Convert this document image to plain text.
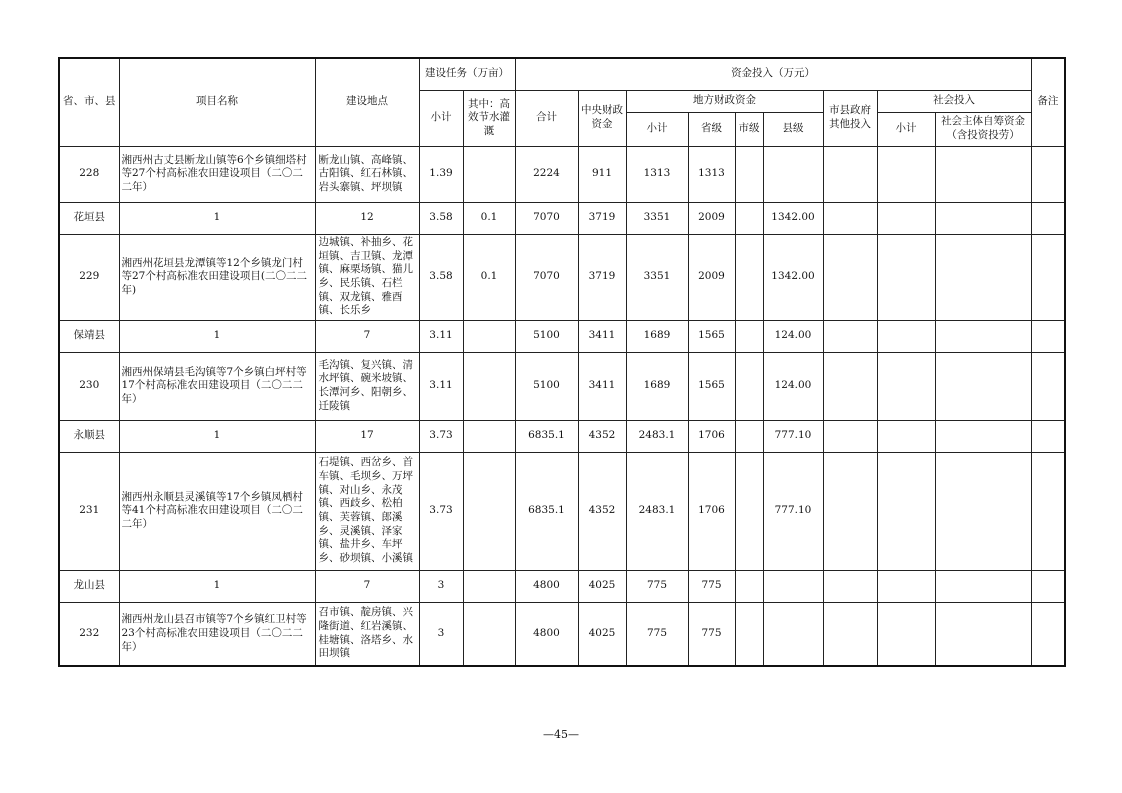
省、市、县	项目名称	建设地点	建设任务（万亩）		资金投入（万元）									备注
			小计	其中：高效节水灌溉	合计	中央财政资金	地方财政资金				市县政府其他投入	社会投入		
							小计	省级	市级	县级		小计	社会主体自筹资金（含投资投劳）	
228	湘西州古丈县断龙山镇等6个乡镇细塔村等27个村高标准农田建设项目（二〇二二年）	断龙山镇、高峰镇、古阳镇、红石林镇、岩头寨镇、坪坝镇	1.39		2224	911	1313	1313						
花垣县	1	12	3.58	0.1	7070	3719	3351	2009		1342.00				
229	湘西州花垣县龙潭镇等12个乡镇龙门村等27个村高标准农田建设项目(二〇二二年)	边城镇、补抽乡、花垣镇、吉卫镇、龙潭镇、麻栗场镇、猫儿乡、民乐镇、石栏镇、双龙镇、雅酉镇、长乐乡	3.58	0.1	7070	3719	3351	2009		1342.00				
保靖县	1	7	3.11		5100	3411	1689	1565		124.00				
230	湘西州保靖县毛沟镇等7个乡镇白坪村等17个村高标准农田建设项目（二〇二二年）	毛沟镇、复兴镇、清水坪镇、碗米坡镇、长潭河乡、阳朝乡、迁陵镇	3.11		5100	3411	1689	1565		124.00				
永顺县	1	17	3.73		6835.1	4352	2483.1	1706		777.10				
231	湘西州永顺县灵溪镇等17个乡镇凤栖村等41个村高标准农田建设项目（二〇二二年）	石堤镇、西岔乡、首车镇、毛坝乡、万坪镇、对山乡、永茂镇、西歧乡、松柏镇、芙蓉镇、郎溪乡、灵溪镇、泽家镇、盐井乡、车坪乡、砂坝镇、小溪镇	3.73		6835.1	4352	2483.1	1706		777.10				
龙山县	1	7	3		4800	4025	775	775						
232	湘西州龙山县召市镇等7个乡镇红卫村等23个村高标准农田建设项目（二〇二二年）	召市镇、靛房镇、兴隆街道、红岩溪镇、桂塘镇、洛塔乡、水田坝镇	3		4800	4025	775	775						
—45—
